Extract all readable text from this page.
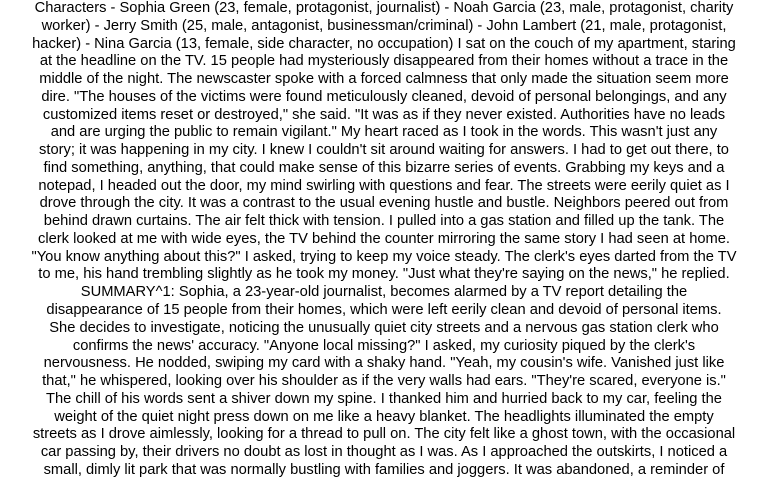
Characters - Sophia Green (23, female, protagonist, journalist) - Noah Garcia (23, male, protagonist, charity
worker) - Jerry Smith (25, male, antagonist, businessman/criminal) - John Lambert (21, male, protagonist,
hacker) - Nina Garcia (13, female, side character, no occupation) I sat on the couch of my apartment, staring
at the headline on the TV. 15 people had mysteriously disappeared from their homes without a trace in the
middle of the night. The newscaster spoke with a forced calmness that only made the situation seem more
dire. "The houses of the victims were found meticulously cleaned, devoid of personal belongings, and any
customized items reset or destroyed," she said. "It was as if they never existed. Authorities have no leads
and are urging the public to remain vigilant." My heart raced as I took in the words. This wasn't just any
story; it was happening in my city. I knew I couldn't sit around waiting for answers. I had to get out there, to
find something, anything, that could make sense of this bizarre series of events. Grabbing my keys and a
notepad, I headed out the door, my mind swirling with questions and fear. The streets were eerily quiet as I
drove through the city. It was a contrast to the usual evening hustle and bustle. Neighbors peered out from
behind drawn curtains. The air felt thick with tension. I pulled into a gas station and filled up the tank. The
clerk looked at me with wide eyes, the TV behind the counter mirroring the same story I had seen at home.
"You know anything about this?" I asked, trying to keep my voice steady. The clerk's eyes darted from the TV
to me, his hand trembling slightly as he took my money. "Just what they're saying on the news," he replied.
SUMMARY^1: Sophia, a 23-year-old journalist, becomes alarmed by a TV report detailing the
disappearance of 15 people from their homes, which were left eerily clean and devoid of personal items.
She decides to investigate, noticing the unusually quiet city streets and a nervous gas station clerk who
confirms the news' accuracy. "Anyone local missing?" I asked, my curiosity piqued by the clerk's
nervousness. He nodded, swiping my card with a shaky hand. "Yeah, my cousin's wife. Vanished just like
that," he whispered, looking over his shoulder as if the very walls had ears. "They're scared, everyone is."
The chill of his words sent a shiver down my spine. I thanked him and hurried back to my car, feeling the
weight of the quiet night press down on me like a heavy blanket. The headlights illuminated the empty
streets as I drove aimlessly, looking for a thread to pull on. The city felt like a ghost town, with the occasional
car passing by, their drivers no doubt as lost in thought as I was. As I approached the outskirts, I noticed a
small, dimly lit park that was normally bustling with families and joggers. It was abandoned, a reminder of
